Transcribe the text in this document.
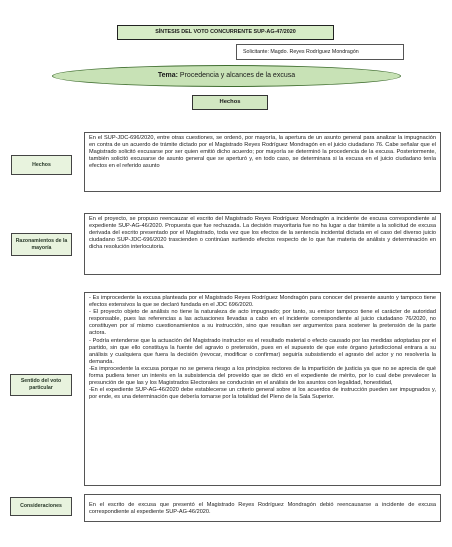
SÍNTESIS DEL VOTO CONCURRENTE SUP-AG-47/2020
Solicitante: Magdo. Reyes Rodríguez Mondragón
Tema: Procedencia y alcances de la excusa
Hechos
Hechos

En el SUP-JDC-696/2020, entre otras cuestiones, se ordenó, por mayoría, la apertura de un asunto general para analizar la impugnación en contra de un acuerdo de trámite dictado por el Magistrado Reyes Rodríguez Mondragón en el juicio ciudadano 76. Cabe señalar que el Magistrado solicitó excusarse por ser quien emitió dicho acuerdo; por mayoría se determinó la procedencia de la excusa. Posteriormente, también solicitó excusarse de asunto general que se aperturó y, en todo caso, se determinara si la excusa en el juicio ciudadano tenía efectos en el referido asunto

Razonamientos de la mayoría

En el proyecto, se propuso reencauzar el escrito del Magistrado Reyes Rodríguez Mondragón a incidente de excusa correspondiente al expediente SUP-AG-46/2020. Propuesta que fue rechazada. La decisión mayoritaria fue no ha lugar a dar trámite a la solicitud de excusa derivada del escrito presentado por el Magistrado, toda vez que los efectos de la sentencia incidental dictada en el caso del diverso juicio ciudadano SUP-JDC-696/2020 trascienden o continúan surtiendo efectos respecto de lo que fue materia de análisis y determinación en dicha resolución interlocutoria.

Sentido del voto particular

- Es improcedente la excusa planteada por el Magistrado Reyes Rodríguez Mondragón para conocer del presente asunto y tampoco tiene efectos extensivos la que se declaró fundada en el JDC 696/2020.

- El proyecto objeto de análisis no tiene la naturaleza de acto impugnado; por tanto, su emisor tampoco tiene el carácter de autoridad responsable, pues las referencias a las actuaciones llevadas a cabo en el incidente correspondiente al juicio ciudadano 76/2020, no constituyen por sí mismo cuestionamientos a su instrucción, sino que resultan ser argumentos para sostener la pretensión de la parte actora.

- Podría entenderse que la actuación del Magistrado instructor es el resultado material o efecto causado por las medidas adoptadas por el partido, sin que ello constituya la fuente del agravio o pretensión, pues en el supuesto de que este órgano jurisdiccional entrara a su análisis y cualquiera que fuera la decisión (revocar, modificar o confirmar) seguiría subsistiendo el agravio del actor y no resolvería la demanda.

-Es improcedente la excusa porque no se genera riesgo a los principios rectores de la impartición de justicia ya que no se aprecia de qué forma pudiera tener un interés en la subsistencia del proveído que se dictó en el expediente de mérito, por lo cual debe prevalecer la presunción de que las y los Magistrados Electorales se conducirán en el análisis de los asuntos con legalidad, honestidad,

-En el expediente SUP-AG-46/2020 debe establecerse un criterio general sobre si los acuerdos de instrucción pueden ser impugnados y, por ende, es una determinación que debería tomarse por la totalidad del Pleno de la Sala Superior.

Consideraciones	En el escrito de excusa que presentó el Magistrado Reyes Rodríguez Mondragón debió reencausarse a incidente de excusa correspondiente al expediente SUP-AG-46/2020.
